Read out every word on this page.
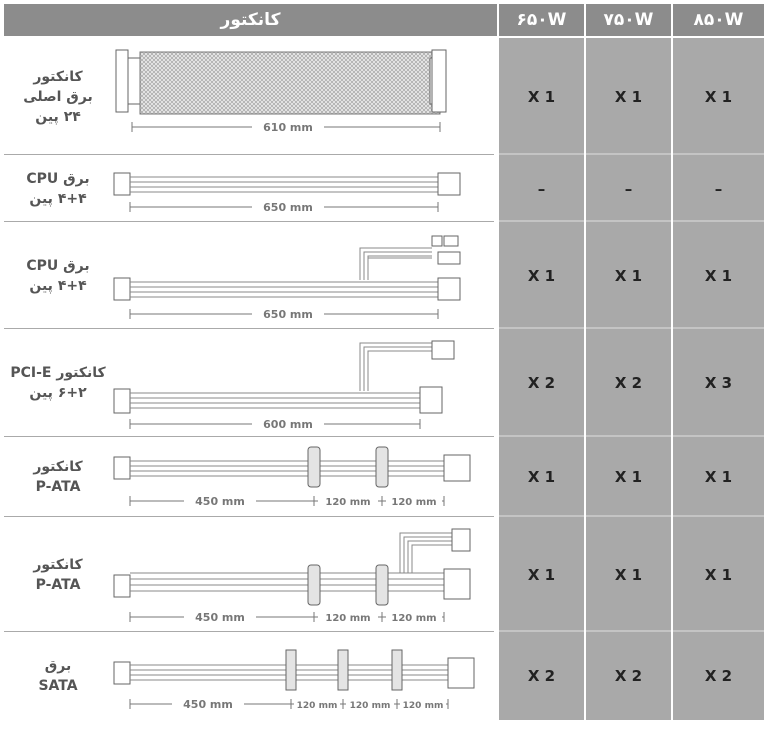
کانکتور	۶۵۰W	۷۵۰W	۸۵۰W
کانکتور
برق اصلی
۲۴ پین
610 mm
X 1	X 1	X 1
برق CPU
۴+۴ پین
650 mm
–	–	–
برق CPU
۴+۴ پین
650 mm
X 1	X 1	X 1
کانکتور PCI-E
۶+۲ پین
600 mm
X 2	X 2	X 3
کانکتور
P-ATA
450 mm	120 mm 120 mm
X 1	X 1	X 1
کانکتور
P-ATA
450 mm	120 mm 120 mm
X 1	X 1	X 1
برق
SATA
450 mm	120 mm 120 mm 120 mm
X 2	X 2	X 2
